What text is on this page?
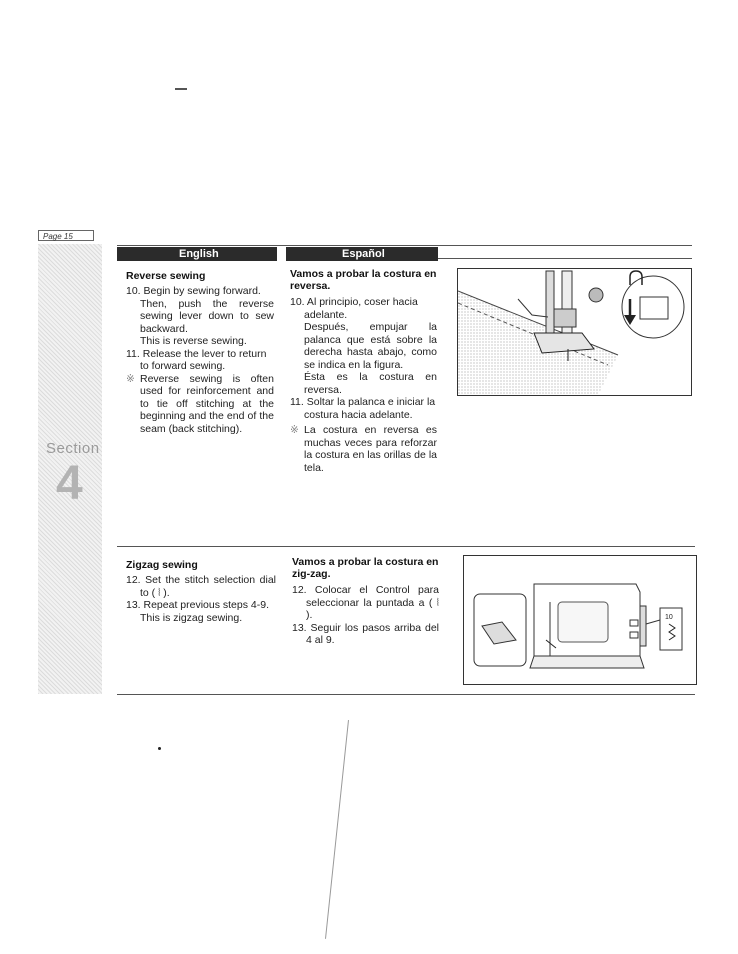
Page 15
Section
4
English	Español
Reverse sewing

10. Begin by sewing forward.

Then, push the reverse sewing lever down to sew backward.

This is reverse sewing.

11. Release the lever to return to forward sewing.

※ Reverse sewing is often used for reinforcement and to tie off stitching at the beginning and the end of the seam (back stitching).

Vamos a probar la costura en reversa.

10. Al principio, coser hacia adelante.

Después, empujar la palanca que está sobre la derecha hasta abajo, como se indica en la figura.

Ésta es la costura en reversa.

11. Soltar la palanca e iniciar la costura hacia adelante.

※ La costura en reversa es muchas veces para reforzar la costura en las orillas de la tela.

Zigzag sewing

12. Set the stitch selection dial to ( ⦚ ).

13. Repeat previous steps 4-9.

This is zigzag sewing.

Vamos a probar la costura en zig-zag.

12. Colocar el Control para seleccionar la puntada a ( ⦚ ).

13. Seguir los pasos arriba del 4 al 9.

10
